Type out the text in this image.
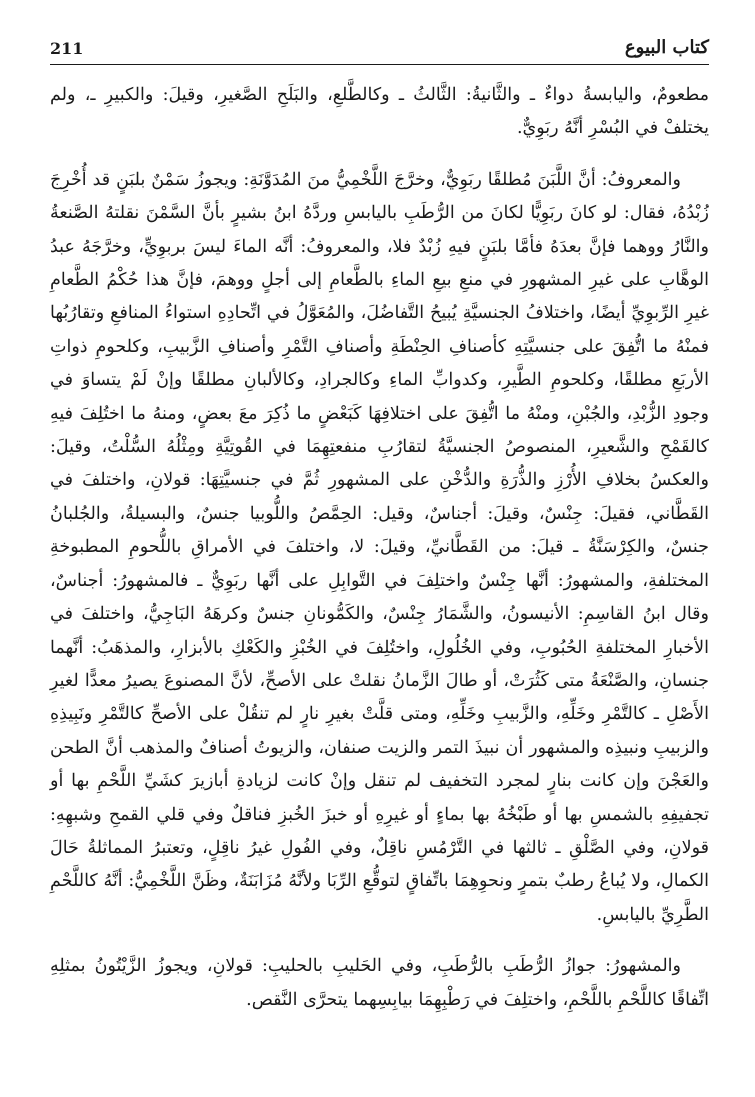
كتاب البيوع
211

مطعومٌ، واليابسةُ دواءٌ ـ والثَّانيةُ: الثَّالثُ ـ وكالطَّلعِ، والبَلَحِ الصَّغيرِ، وقيلَ: والكبيرِ ـ، ولم يختلفْ في البُسْرِ أنَّهُ ربَوِيٌّ.

والمعروفُ: أنَّ اللَّبَنَ مُطلقًا ربَوِيٌّ، وخرَّجَ اللَّخْمِيُّ منَ المُدَوَّنَةِ: ويجوزُ سَمْنٌ بلبَنٍ قد أُخْرِجَ زُبْدُهُ، فقال: لو كانَ ربَوِيًّا لكانَ من الرُّطَبِ باليابسِ وردَّهُ ابنُ بشيرٍ بأنَّ السَّمْنَ نقلتهُ الصَّنعةُ والنَّارُ ووهما فإنَّ بعدَهُ فأمَّا بلبَنٍ فيهِ زُبْدٌ فلا، والمعروفُ: أنَّه الماءَ ليسَ بربوِيٍّ، وخرَّجَهُ عبدُ الوهَّابِ على غيرِ المشهورِ في منعِ بيعِ الماءِ بالطَّعامِ إلى أجلٍ ووهمَ، فإنَّ هذا حُكْمُ الطَّعامِ غيرِ الرِّبوِيِّ أيضًا، واختلافُ الجنسيَّةِ يُبيحُ التَّفاضُلَ، والمُعَوَّلُ في اتِّحادِهِ استواءُ المنافعِ وتقارُبُها فمنْهُ ما اتُّفِقَ على جنسيَّتِهِ كأصنافِ الحِنْطَةِ وأصنافِ التَّمْرِ وأصنافِ الزَّبيبِ، وكلحومِ ذواتِ الأربَعِ مطلقًا، وكلحومِ الطَّيرِ، وكدوابِّ الماءِ وكالجرادِ، وكالألبانِ مطلقًا وإنْ لَمْ يتساوَ في وجودِ الزُّبْدِ، والجُبْنِ، ومنْهُ ما اتُّفِقَ على اختلافِهَا كَبَعْضٍ ما ذُكِرَ معَ بعضٍ، ومنهُ ما اختُلِفَ فيهِ كالقَمْحِ والشَّعيرِ، المنصوصُ الجنسيَّةُ لتقارُبِ منفعتِهِمَا في القُوتِيَّةِ ومِثْلُهُ السُّلْتُ، وقيلَ: والعكسُ بخلافِ الأُرْزِ والذُّرَةِ والدُّخْنِ على المشهورِ ثُمَّ في جنسيَّتِهَا: قولانِ، واختلفَ في القَطَّاني، فقيلَ: جِنْسٌ، وقيلَ: أجناسٌ، وقيل: الحِمَّصُ واللُّوبيا جنسٌ، والبسيلةُ، والجُلبانُ جنسٌ، والكِرْسَنَّةُ ـ قيلَ: من القَطَّانيِّ، وقيلَ: لا، واختلفَ في الأمراقِ باللُّحومِ المطبوخةِ المختلفةِ، والمشهورُ: أنَّها جِنْسٌ واختلِفَ في التَّوابِلِ على أنَّها ربَوِيٌّ ـ فالمشهورُ: أجناسٌ، وقال ابنُ القاسِمِ: الأنيسونُ، والشَّمَارُ جِنْسٌ، والكَمُّونانِ جنسٌ وكرهَهُ البَاجِيُّ، واختلفَ في الأخبارِ المختلفةِ الحُبُوبِ، وفي الخُلُولِ، واختُلِفَ في الخُبْزِ والكَعْكِ بالأبزارِ، والمذهَبُ: أنَّهما جنسانِ، والصَّنْعَةُ متى كَثُرَتْ، أو طالَ الزَّمانُ نقلتْ على الأصحِّ، لأنَّ المصنوعَ يصيرُ معدًّا لغيرِ الأَصْلِ ـ كالتَّمْرِ وخَلِّهِ، والزَّبيبِ وخَلِّهِ، ومتى قلَّتْ بغيرِ نارٍ لم تنقُلْ على الأصحِّ كالتَّمْرِ ونَبِيذِهِ والزبيبِ ونبيذِه والمشهور أن نبيذَ التمر والزيت صنفان، والزيوتُ أصنافٌ والمذهب أنَّ الطحن والعَجْنَ وإن كانت بنارٍ لمجرد التخفيف لم تنقل وإنْ كانت لزيادةِ أبازيرَ كشَيِّ اللَّحْمِ بها أو تجفيفِهِ بالشمسِ بها أو طَبْخُهُ بها بماءٍ أو غيرِهِ أو خبزَ الخُبزِ فناقلٌ وفي قلي القمحِ وشبهِهِ: قولانِ، وفي الصَّلْقِ ـ ثالثها في التَّرْمُسِ ناقِلٌ، وفي الفُولِ غيرُ ناقِلٍ، وتعتبرُ المماثلةُ حَالَ الكمالِ، ولا يُباعُ رطبٌ بتمرٍ ونحوِهِمَا باتِّفاقٍ لتوقُّعِ الرِّبَا ولأنَّهُ مُزَابَنَةٌ، وظَنَّ اللَّخْمِيُّ: أنَّهُ كاللَّحْمِ الطَّرِيِّ باليابسِ.

والمشهورُ: جوازُ الرُّطَبِ بالرُّطَبِ، وفي الحَليبِ بالحليبِ: قولانِ، ويجوزُ الزَّيْتُونُ بمثلِهِ اتِّفاقًا كاللَّحْمِ باللَّحْمِ، واختلِفَ في رَطْبِهِمَا بيابِسِهما يتحرَّى النَّقص.
